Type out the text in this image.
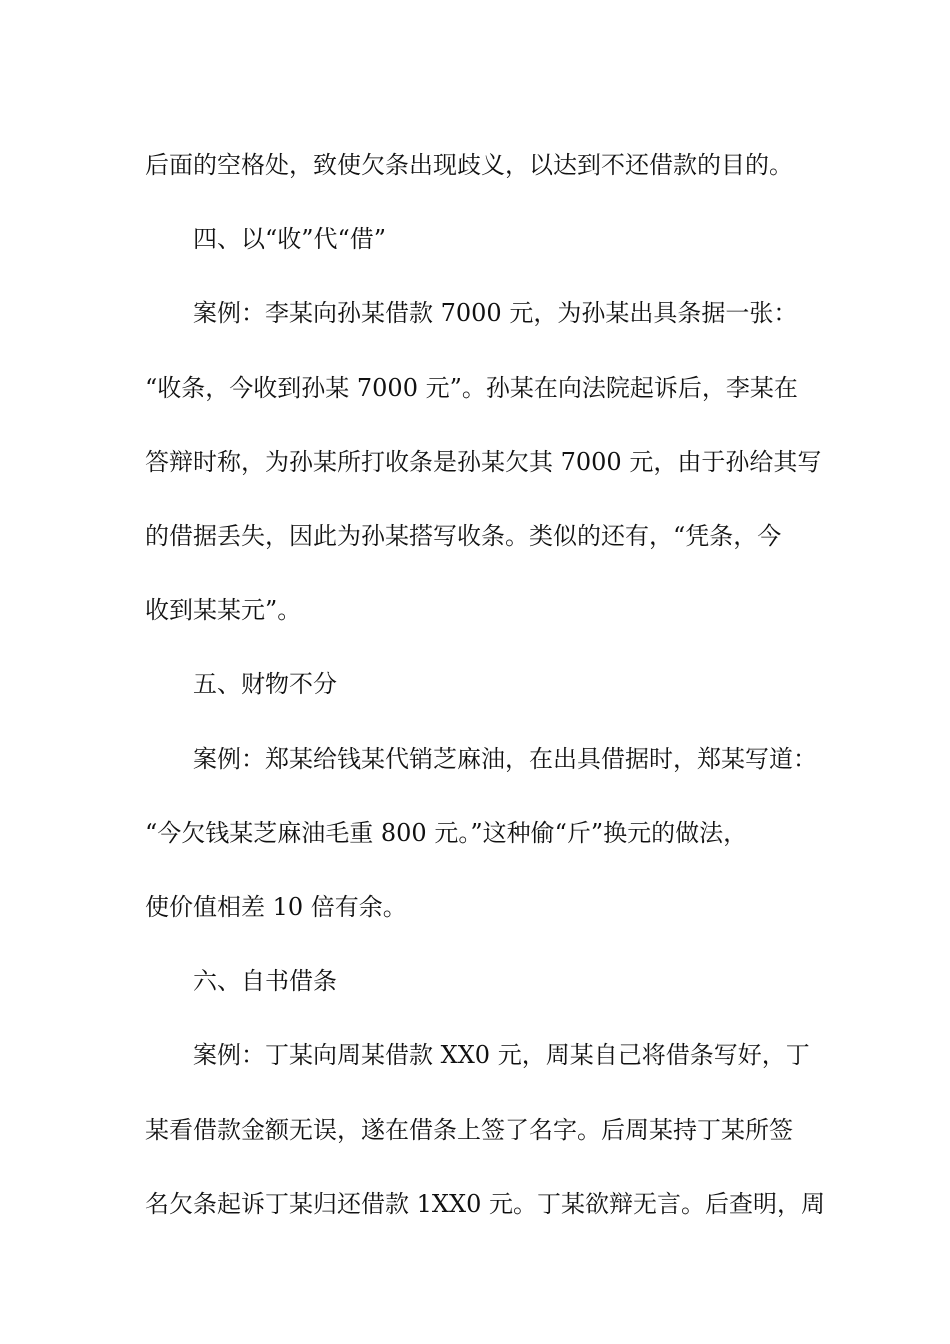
后面的空格处，致使欠条出现歧义，以达到不还借款的目的。

四、以“收”代“借”

案例：李某向孙某借款 7000 元，为孙某出具条据一张：
“收条，今收到孙某 7000 元”。孙某在向法院起诉后，李某在
答辩时称，为孙某所打收条是孙某欠其 7000 元，由于孙给其写
的借据丢失，因此为孙某搭写收条。类似的还有，“凭条，今
收到某某元”。

五、财物不分

案例：郑某给钱某代销芝麻油，在出具借据时，郑某写道：
“今欠钱某芝麻油毛重 800 元。”这种偷“斤”换元的做法，
使价值相差 10 倍有余。

六、自书借条

案例：丁某向周某借款 XX0 元，周某自己将借条写好，丁
某看借款金额无误，遂在借条上签了名字。后周某持丁某所签
名欠条起诉丁某归还借款 1XX0 元。丁某欲辩无言。后查明，周
